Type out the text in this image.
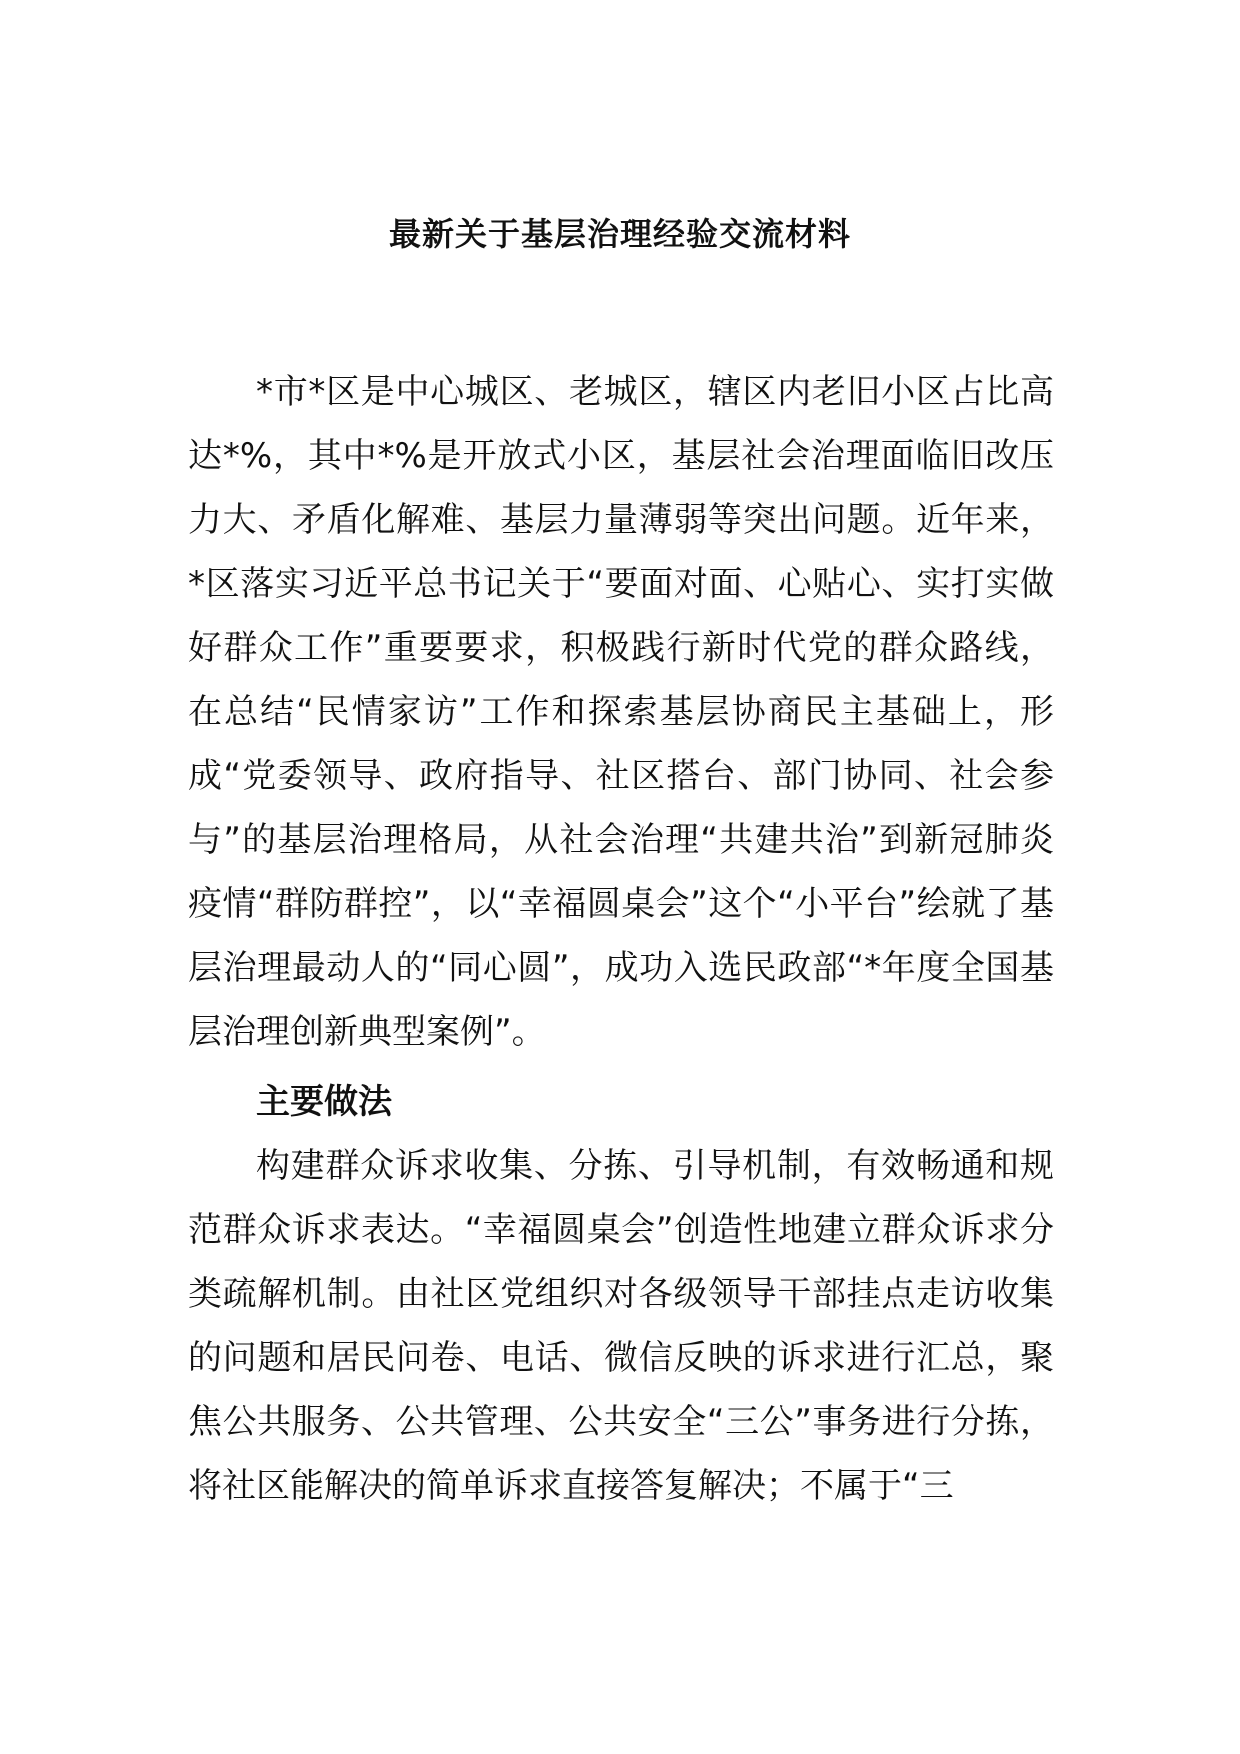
最新关于基层治理经验交流材料

*市*区是中心城区、老城区，辖区内老旧小区占比高达*%，其中*%是开放式小区，基层社会治理面临旧改压力大、矛盾化解难、基层力量薄弱等突出问题。近年来，*区落实习近平总书记关于“要面对面、心贴心、实打实做好群众工作”重要要求，积极践行新时代党的群众路线，在总结“民情家访”工作和探索基层协商民主基础上，形成“党委领导、政府指导、社区搭台、部门协同、社会参与”的基层治理格局，从社会治理“共建共治”到新冠肺炎疫情“群防群控”，以“幸福圆桌会”这个“小平台”绘就了基层治理最动人的“同心圆”，成功入选民政部“*年度全国基层治理创新典型案例”。

主要做法

构建群众诉求收集、分拣、引导机制，有效畅通和规范群众诉求表达。“幸福圆桌会”创造性地建立群众诉求分类疏解机制。由社区党组织对各级领导干部挂点走访收集的问题和居民问卷、电话、微信反映的诉求进行汇总，聚焦公共服务、公共管理、公共安全“三公”事务进行分拣，将社区能解决的简单诉求直接答复解决；不属于“三
